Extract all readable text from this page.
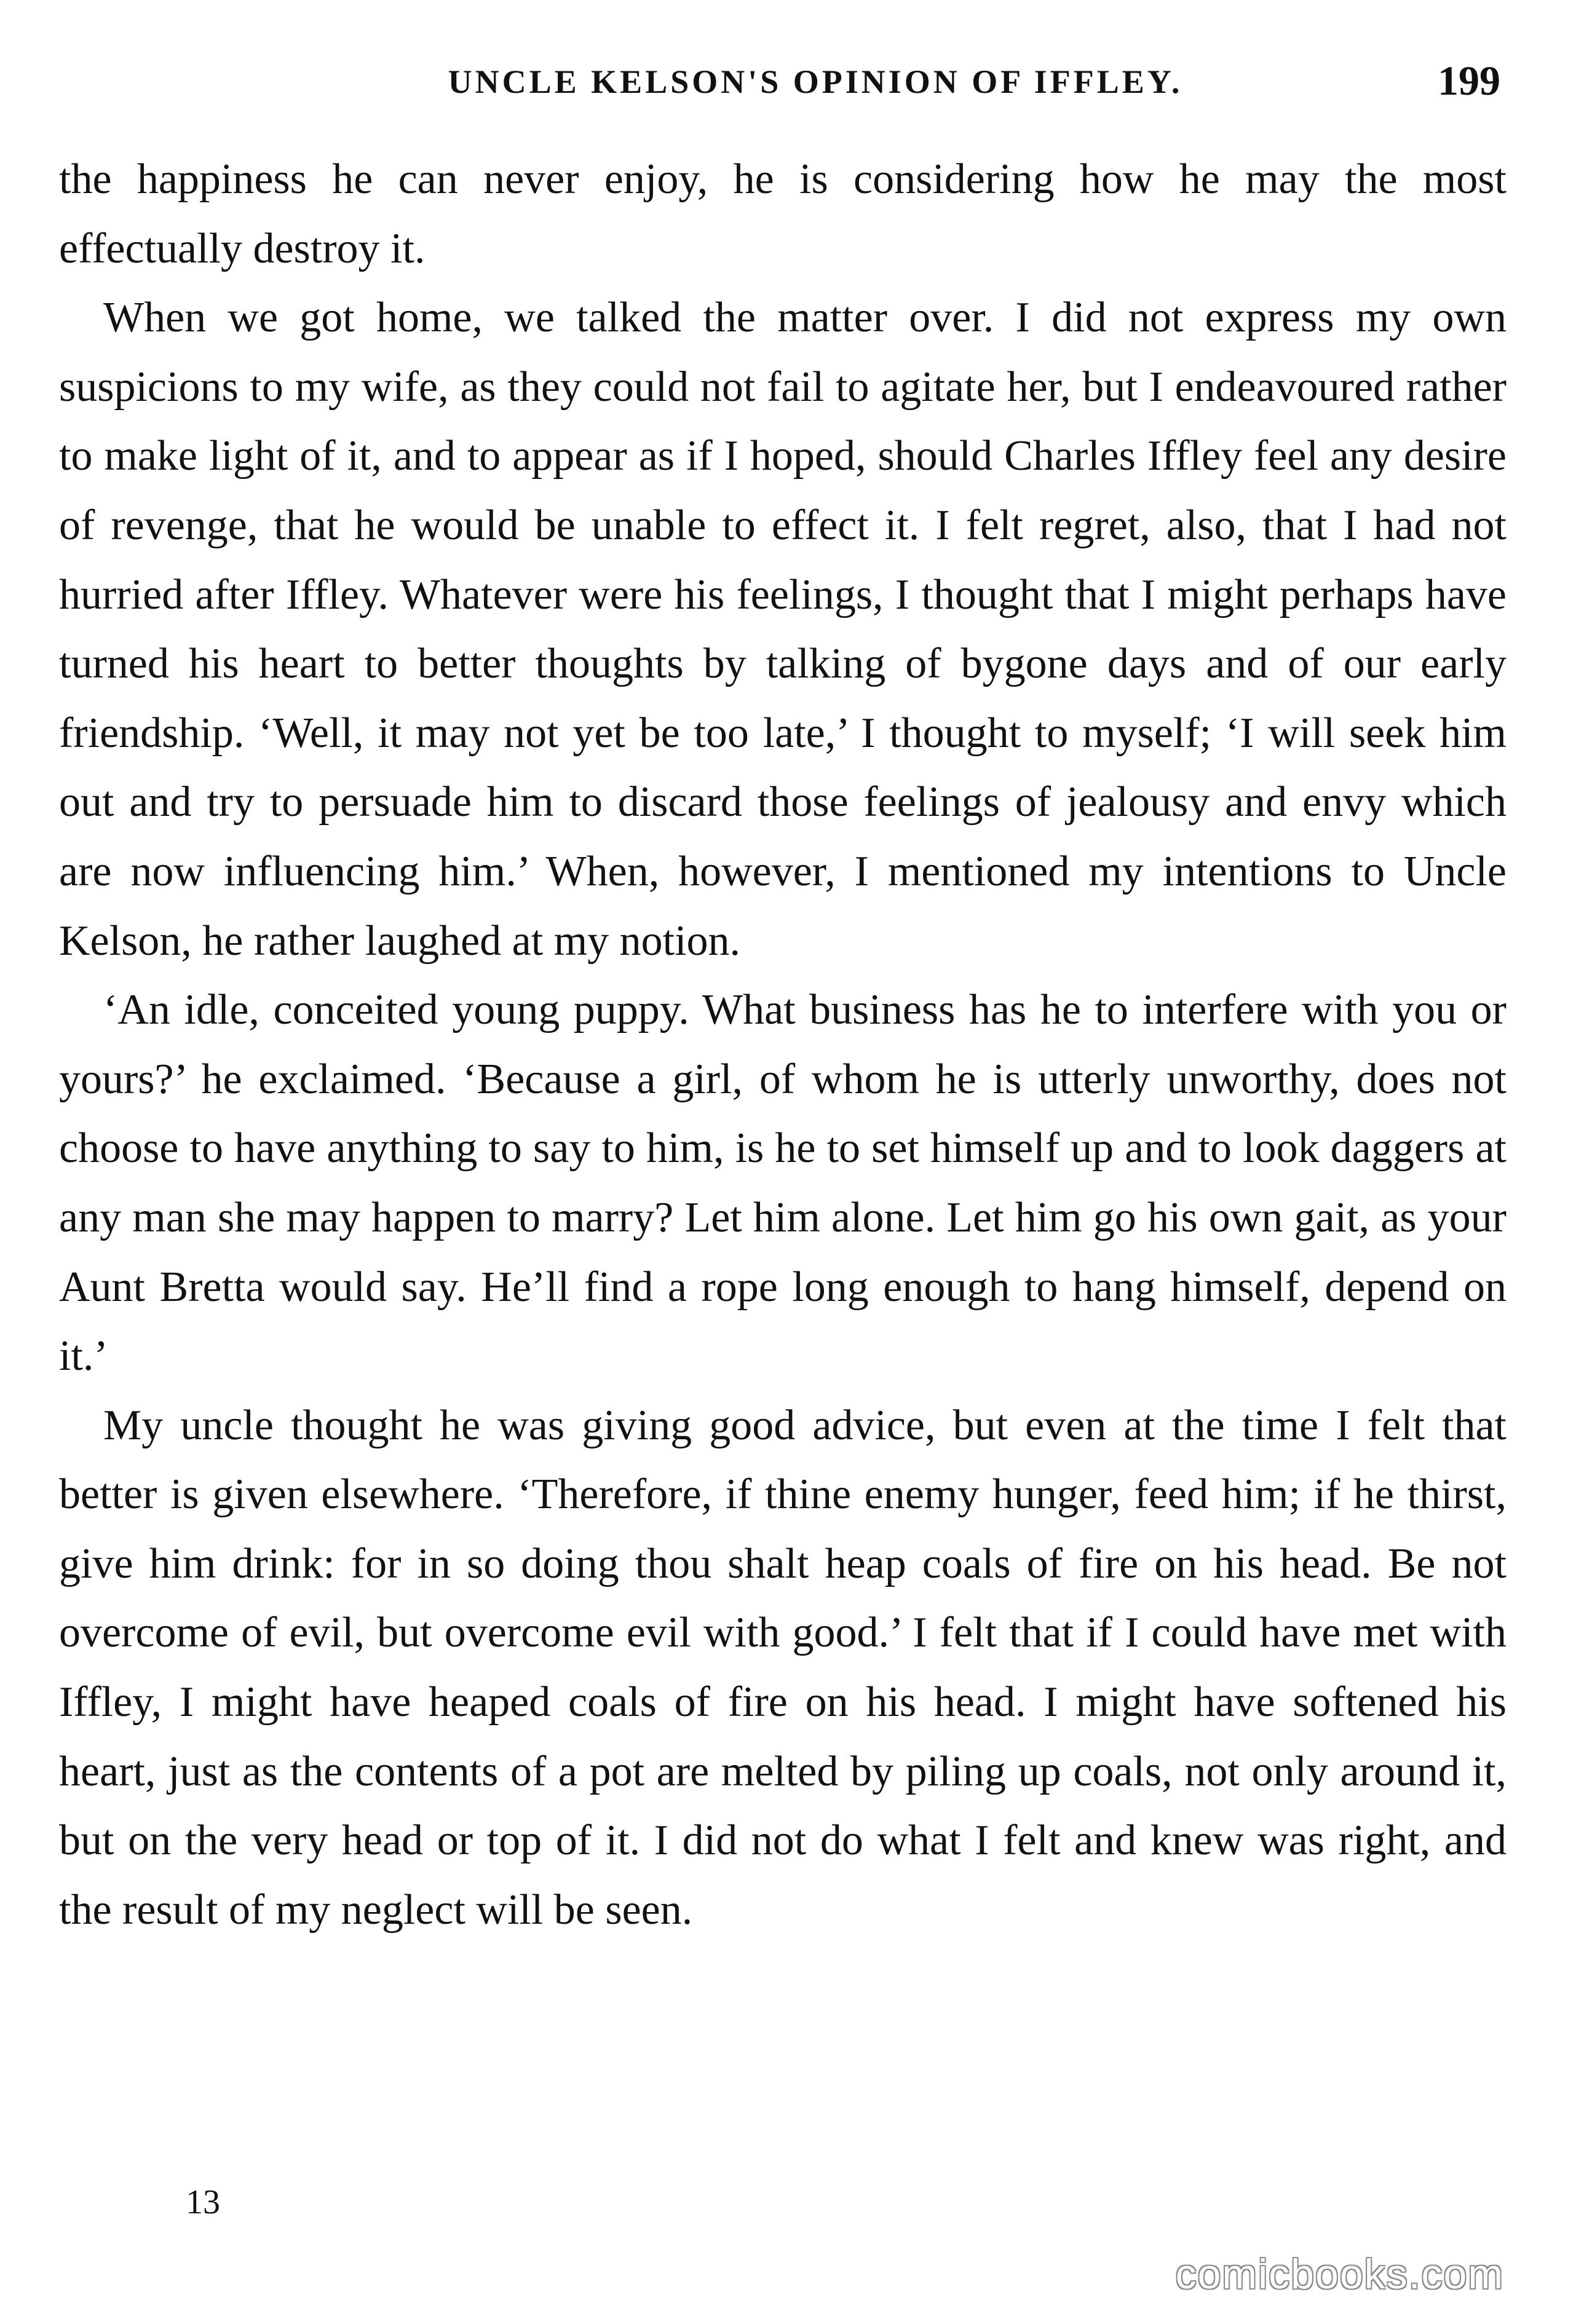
UNCLE KELSON'S OPINION OF IFFLEY.	199

the happiness he can never enjoy, he is considering how he may the most effectually destroy it.

When we got home, we talked the matter over. I did not express my own suspicions to my wife, as they could not fail to agitate her, but I endeavoured rather to make light of it, and to appear as if I hoped, should Charles Iffley feel any desire of revenge, that he would be unable to effect it. I felt regret, also, that I had not hurried after Iffley. Whatever were his feelings, I thought that I might perhaps have turned his heart to better thoughts by talking of bygone days and of our early friendship. ‘Well, it may not yet be too late,’ I thought to myself; ‘I will seek him out and try to persuade him to discard those feelings of jealousy and envy which are now influencing him.’ When, however, I mentioned my intentions to Uncle Kelson, he rather laughed at my notion.

‘An idle, conceited young puppy. What business has he to interfere with you or yours?’ he exclaimed. ‘Because a girl, of whom he is utterly unworthy, does not choose to have anything to say to him, is he to set himself up and to look daggers at any man she may happen to marry? Let him alone. Let him go his own gait, as your Aunt Bretta would say. He’ll find a rope long enough to hang himself, depend on it.’

My uncle thought he was giving good advice, but even at the time I felt that better is given elsewhere. ‘Therefore, if thine enemy hunger, feed him; if he thirst, give him drink: for in so doing thou shalt heap coals of fire on his head. Be not overcome of evil, but overcome evil with good.’ I felt that if I could have met with Iffley, I might have heaped coals of fire on his head. I might have softened his heart, just as the contents of a pot are melted by piling up coals, not only around it, but on the very head or top of it. I did not do what I felt and knew was right, and the result of my neglect will be seen.

13
comicbooks.com
